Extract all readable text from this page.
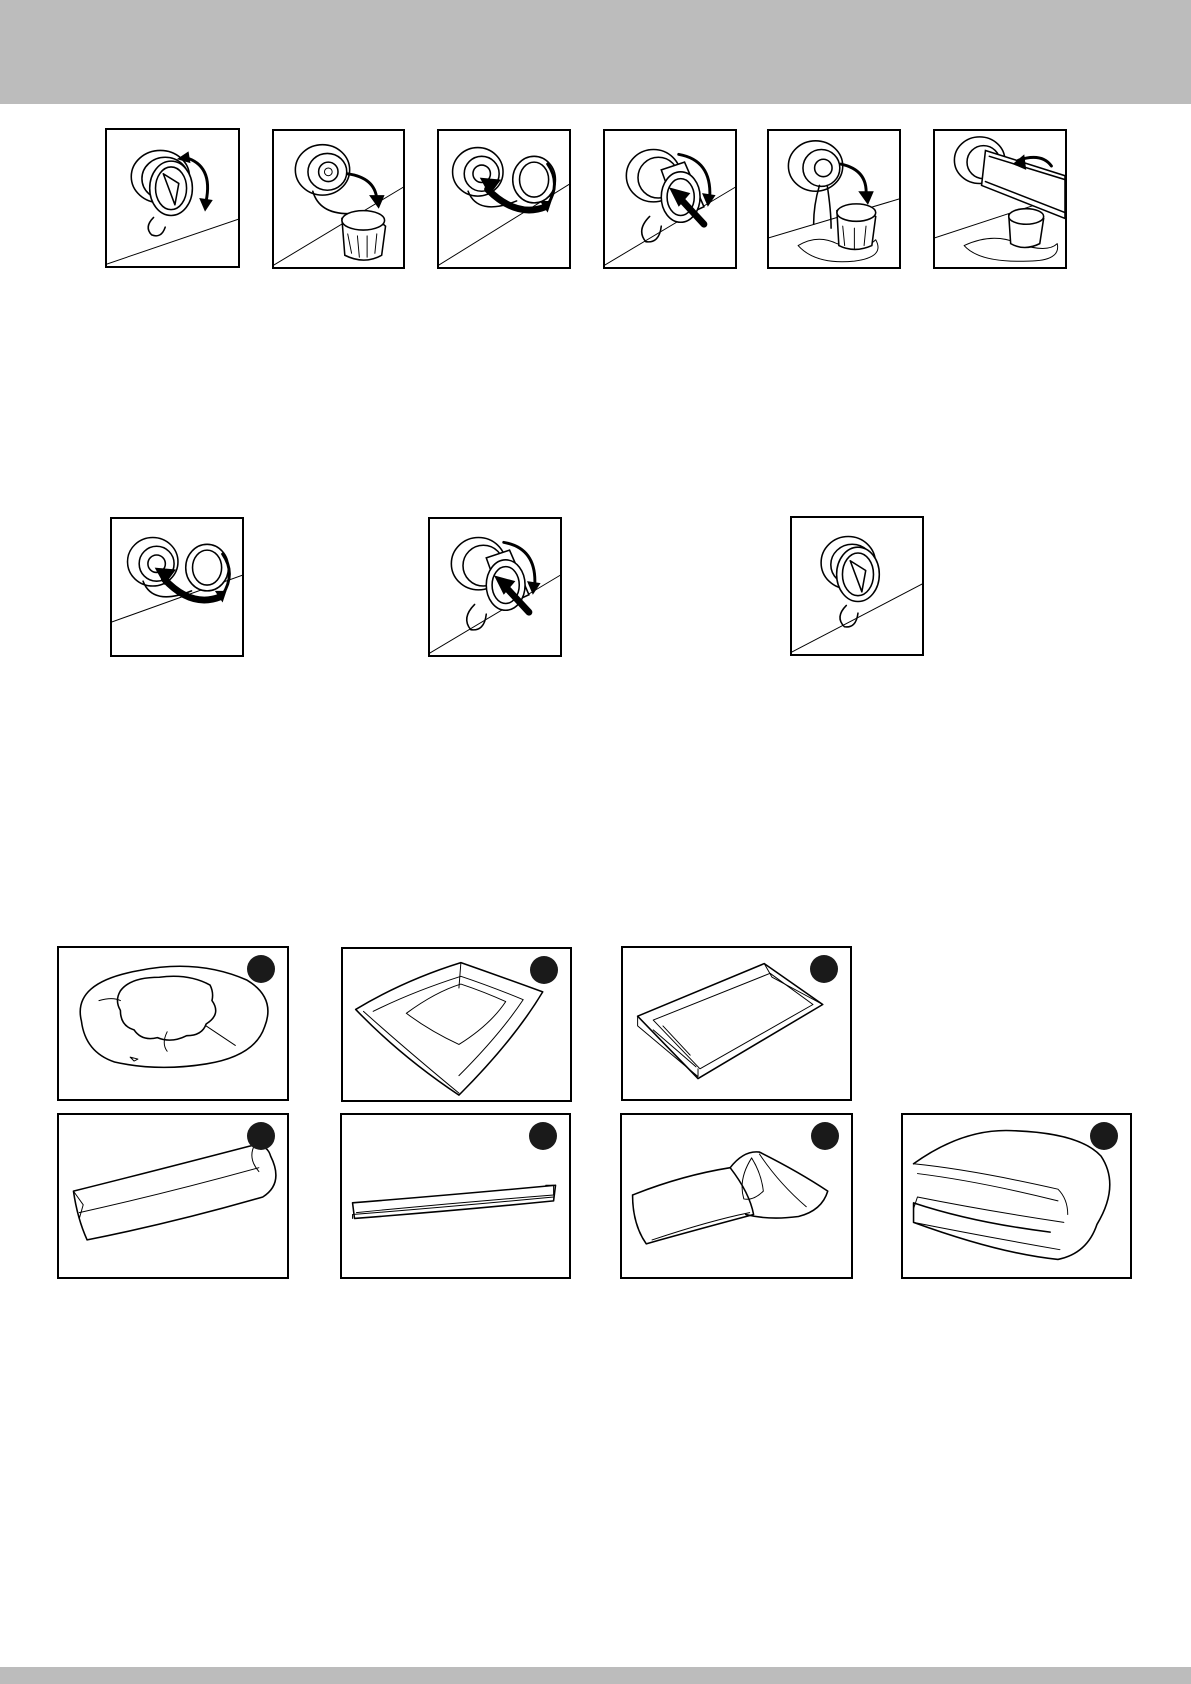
1
2
3
4	5	6	7
